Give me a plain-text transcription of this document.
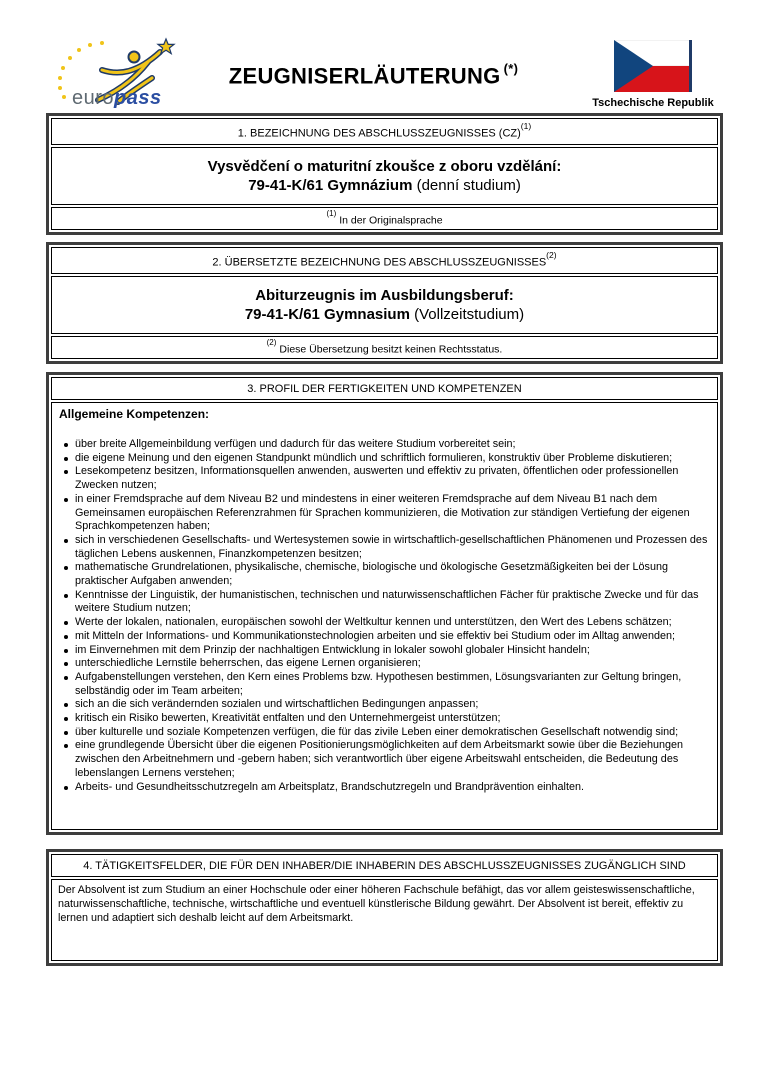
europass
ZEUGNISERLÄUTERUNG (*)
Tschechische Republik
1. BEZEICHNUNG DES ABSCHLUSSZEUGNISSES (CZ)$^{(1)}$
Vysvědčení o maturitní zkoušce z oboru vzdělání:
79-41-K/61 Gymnázium (denní studium)
$^{(1)}$In der Originalsprache
2. ÜBERSETZTE BEZEICHNUNG DES ABSCHLUSSZEUGNISSES$^{(2)}$
Abiturzeugnis im Ausbildungsberuf:
79-41-K/61 Gymnasium (Vollzeitstudium)
$^{(2)}$Diese Übersetzung besitzt keinen Rechtsstatus.
3. PROFIL DER FERTIGKEITEN UND KOMPETENZEN
Allgemeine Kompetenzen:
über breite Allgemeinbildung verfügen und dadurch für das weitere Studium vorbereitet sein;
die eigene Meinung und den eigenen Standpunkt mündlich und schriftlich formulieren, konstruktiv über Probleme diskutieren;
Lesekompetenz besitzen, Informationsquellen anwenden, auswerten und effektiv zu privaten, öffentlichen oder professionellen Zwecken nutzen;
in einer Fremdsprache auf dem Niveau B2 und mindestens in einer weiteren Fremdsprache auf dem Niveau B1 nach dem Gemeinsamen europäischen Referenzrahmen für Sprachen kommunizieren, die Motivation zur ständigen Vertiefung der eigenen Sprachkompetenzen haben;
sich in verschiedenen Gesellschafts- und Wertesystemen sowie in wirtschaftlich-gesellschaftlichen Phänomenen und Prozessen des täglichen Lebens auskennen, Finanzkompetenzen besitzen;
mathematische Grundrelationen, physikalische, chemische, biologische und ökologische Gesetzmäßigkeiten bei der Lösung praktischer Aufgaben anwenden;
Kenntnisse der Linguistik, der humanistischen, technischen und naturwissenschaftlichen Fächer für praktische Zwecke und für das weitere Studium nutzen;
Werte der lokalen, nationalen, europäischen sowohl der Weltkultur kennen und unterstützen, den Wert des Lebens schätzen;
mit Mitteln der Informations- und Kommunikationstechnologien arbeiten und sie effektiv bei Studium oder im Alltag anwenden;
im Einvernehmen mit dem Prinzip der nachhaltigen Entwicklung in lokaler sowohl globaler Hinsicht handeln;
unterschiedliche Lernstile beherrschen, das eigene Lernen organisieren;
Aufgabenstellungen verstehen, den Kern eines Problems bzw. Hypothesen bestimmen, Lösungsvarianten zur Geltung bringen, selbständig oder im Team arbeiten;
sich an die sich verändernden sozialen und wirtschaftlichen Bedingungen anpassen;
kritisch ein Risiko bewerten, Kreativität entfalten und den Unternehmergeist unterstützen;
über kulturelle und soziale Kompetenzen verfügen, die für das zivile Leben einer demokratischen Gesellschaft notwendig sind;
eine grundlegende Übersicht über die eigenen Positionierungsmöglichkeiten auf dem Arbeitsmarkt sowie über die Beziehungen zwischen den Arbeitnehmern und -gebern haben; sich verantwortlich über eigene Arbeitswahl entscheiden, die Bedeutung des lebenslangen Lernens verstehen;
Arbeits- und Gesundheitsschutzregeln am Arbeitsplatz, Brandschutzregeln und Brandprävention einhalten.
4. TÄTIGKEITSFELDER, DIE FÜR DEN INHABER/DIE INHABERIN DES ABSCHLUSSZEUGNISSES ZUGÄNGLICH SIND
Der Absolvent ist zum Studium an einer Hochschule oder einer höheren Fachschule befähigt, das vor allem geisteswissenschaftliche, naturwissenschaftliche, technische, wirtschaftliche und eventuell künstlerische Bildung gewährt. Der Absolvent ist bereit, effektiv zu lernen und adaptiert sich deshalb leicht auf dem Arbeitsmarkt.
